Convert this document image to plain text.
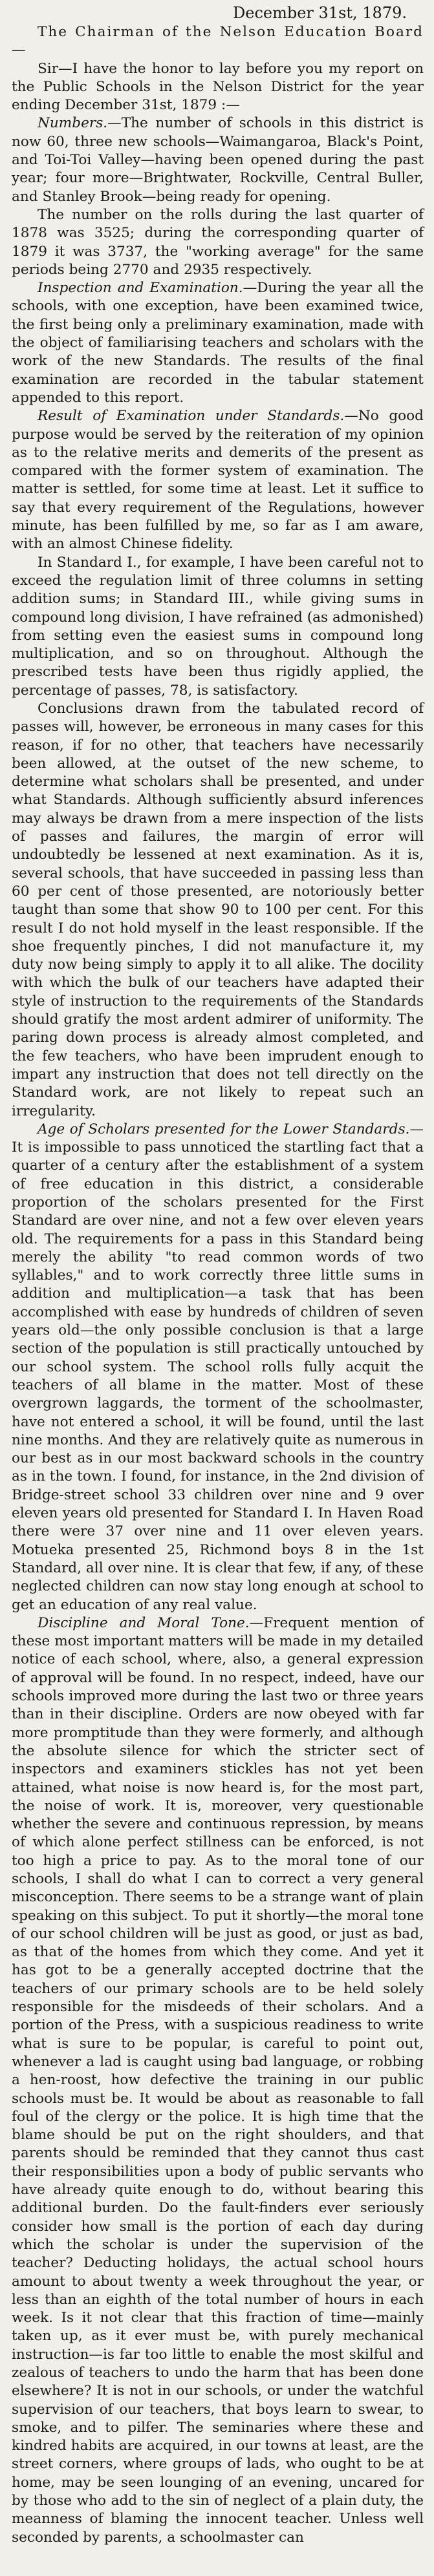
December 31st, 1879.

The Chairman of the Nelson Education Board—

Sir—I have the honor to lay before you my report on the Public Schools in the Nelson District for the year ending December 31st, 1879 :—

Numbers.—The number of schools in this district is now 60, three new schools—Waimangaroa, Black's Point, and Toi-Toi Valley—having been opened during the past year; four more—Brightwater, Rockville, Central Buller, and Stanley Brook—being ready for opening.

The number on the rolls during the last quarter of 1878 was 3525; during the corresponding quarter of 1879 it was 3737, the "working average" for the same periods being 2770 and 2935 respectively.

Inspection and Examination.—During the year all the schools, with one exception, have been examined twice, the first being only a preliminary examination, made with the object of familiarising teachers and scholars with the work of the new Standards. The results of the final examination are recorded in the tabular statement appended to this report.

Result of Examination under Standards.—No good purpose would be served by the reiteration of my opinion as to the relative merits and demerits of the present as compared with the former system of examination. The matter is settled, for some time at least. Let it suffice to say that every requirement of the Regulations, however minute, has been fulfilled by me, so far as I am aware, with an almost Chinese fidelity.

In Standard I., for example, I have been careful not to exceed the regulation limit of three columns in setting addition sums; in Standard III., while giving sums in compound long division, I have refrained (as admonished) from setting even the easiest sums in compound long multiplication, and so on throughout. Although the prescribed tests have been thus rigidly applied, the percentage of passes, 78, is satisfactory.

Conclusions drawn from the tabulated record of passes will, however, be erroneous in many cases for this reason, if for no other, that teachers have necessarily been allowed, at the outset of the new scheme, to determine what scholars shall be presented, and under what Standards. Although sufficiently absurd inferences may always be drawn from a mere inspection of the lists of passes and failures, the margin of error will undoubtedly be lessened at next examination. As it is, several schools, that have succeeded in passing less than 60 per cent of those presented, are notoriously better taught than some that show 90 to 100 per cent. For this result I do not hold myself in the least responsible. If the shoe frequently pinches, I did not manufacture it, my duty now being simply to apply it to all alike. The docility with which the bulk of our teachers have adapted their style of instruction to the requirements of the Standards should gratify the most ardent admirer of uniformity. The paring down process is already almost completed, and the few teachers, who have been imprudent enough to impart any instruction that does not tell directly on the Standard work, are not likely to repeat such an irregularity.

Age of Scholars presented for the Lower Standards.—It is impossible to pass unnoticed the startling fact that a quarter of a century after the establishment of a system of free education in this district, a considerable proportion of the scholars presented for the First Standard are over nine, and not a few over eleven years old. The requirements for a pass in this Standard being merely the ability "to read common words of two syllables," and to work correctly three little sums in addition and multiplication—a task that has been accomplished with ease by hundreds of children of seven years old—the only possible conclusion is that a large section of the population is still practically untouched by our school system. The school rolls fully acquit the teachers of all blame in the matter. Most of these overgrown laggards, the torment of the schoolmaster, have not entered a school, it will be found, until the last nine months. And they are relatively quite as numerous in our best as in our most backward schools in the country as in the town. I found, for instance, in the 2nd division of Bridge-street school 33 children over nine and 9 over eleven years old presented for Standard I. In Haven Road there were 37 over nine and 11 over eleven years. Motueka presented 25, Richmond boys 8 in the 1st Standard, all over nine. It is clear that few, if any, of these neglected children can now stay long enough at school to get an education of any real value.

Discipline and Moral Tone.—Frequent mention of these most important matters will be made in my detailed notice of each school, where, also, a general expression of approval will be found. In no respect, indeed, have our schools improved more during the last two or three years than in their discipline. Orders are now obeyed with far more promptitude than they were formerly, and although the absolute silence for which the stricter sect of inspectors and examiners stickles has not yet been attained, what noise is now heard is, for the most part, the noise of work. It is, moreover, very questionable whether the severe and continuous repression, by means of which alone perfect stillness can be enforced, is not too high a price to pay. As to the moral tone of our schools, I shall do what I can to correct a very general misconception. There seems to be a strange want of plain speaking on this subject. To put it shortly—the moral tone of our school children will be just as good, or just as bad, as that of the homes from which they come. And yet it has got to be a generally accepted doctrine that the teachers of our primary schools are to be held solely responsible for the misdeeds of their scholars. And a portion of the Press, with a suspicious readiness to write what is sure to be popular, is careful to point out, whenever a lad is caught using bad language, or robbing a hen-roost, how defective the training in our public schools must be. It would be about as reasonable to fall foul of the clergy or the police. It is high time that the blame should be put on the right shoulders, and that parents should be reminded that they cannot thus cast their responsibilities upon a body of public servants who have already quite enough to do, without bearing this additional burden. Do the fault-finders ever seriously consider how small is the portion of each day during which the scholar is under the supervision of the teacher? Deducting holidays, the actual school hours amount to about twenty a week throughout the year, or less than an eighth of the total number of hours in each week. Is it not clear that this fraction of time—mainly taken up, as it ever must be, with purely mechanical instruction—is far too little to enable the most skilful and zealous of teachers to undo the harm that has been done elsewhere? It is not in our schools, or under the watchful supervision of our teachers, that boys learn to swear, to smoke, and to pilfer. The seminaries where these and kindred habits are acquired, in our towns at least, are the street corners, where groups of lads, who ought to be at home, may be seen lounging of an evening, uncared for by those who add to the sin of neglect of a plain duty, the meanness of blaming the innocent teacher. Unless well seconded by parents, a schoolmaster can
